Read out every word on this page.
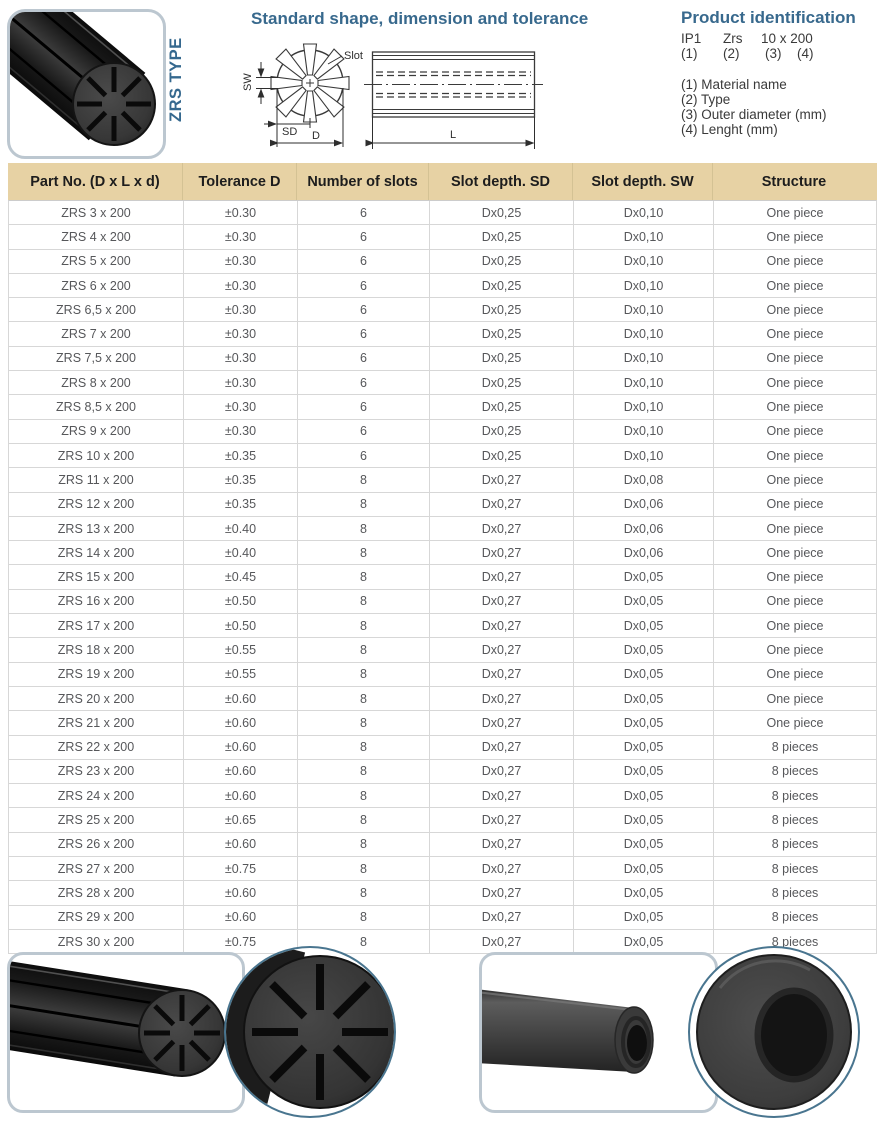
ZRS TYPE
Standard shape, dimension and tolerance
SW
Slot
SD D	L
Product identification
IP1 Zrs 10 x 200
(1) (2) (3) (4)
(1) Material name
(2) Type
(3) Outer diameter (mm)
(4) Lenght (mm)
Part No. (D x L x d)	Tolerance D	Number of slots	Slot depth. SD	Slot depth. SW	Structure
ZRS 3 x 200	±0.30	6	Dx0,25	Dx0,10	One piece
ZRS 4 x 200	±0.30	6	Dx0,25	Dx0,10	One piece
ZRS 5 x 200	±0.30	6	Dx0,25	Dx0,10	One piece
ZRS 6 x 200	±0.30	6	Dx0,25	Dx0,10	One piece
ZRS 6,5 x 200	±0.30	6	Dx0,25	Dx0,10	One piece
ZRS 7 x 200	±0.30	6	Dx0,25	Dx0,10	One piece
ZRS 7,5 x 200	±0.30	6	Dx0,25	Dx0,10	One piece
ZRS 8 x 200	±0.30	6	Dx0,25	Dx0,10	One piece
ZRS 8,5 x 200	±0.30	6	Dx0,25	Dx0,10	One piece
ZRS 9 x 200	±0.30	6	Dx0,25	Dx0,10	One piece
ZRS 10 x 200	±0.35	6	Dx0,25	Dx0,10	One piece
ZRS 11 x 200	±0.35	8	Dx0,27	Dx0,08	One piece
ZRS 12 x 200	±0.35	8	Dx0,27	Dx0,06	One piece
ZRS 13 x 200	±0.40	8	Dx0,27	Dx0,06	One piece
ZRS 14 x 200	±0.40	8	Dx0,27	Dx0,06	One piece
ZRS 15 x 200	±0.45	8	Dx0,27	Dx0,05	One piece
ZRS 16 x 200	±0.50	8	Dx0,27	Dx0,05	One piece
ZRS 17 x 200	±0.50	8	Dx0,27	Dx0,05	One piece
ZRS 18 x 200	±0.55	8	Dx0,27	Dx0,05	One piece
ZRS 19 x 200	±0.55	8	Dx0,27	Dx0,05	One piece
ZRS 20 x 200	±0.60	8	Dx0,27	Dx0,05	One piece
ZRS 21 x 200	±0.60	8	Dx0,27	Dx0,05	One piece
ZRS 22 x 200	±0.60	8	Dx0,27	Dx0,05	8 pieces
ZRS 23 x 200	±0.60	8	Dx0,27	Dx0,05	8 pieces
ZRS 24 x 200	±0.60	8	Dx0,27	Dx0,05	8 pieces
ZRS 25 x 200	±0.65	8	Dx0,27	Dx0,05	8 pieces
ZRS 26 x 200	±0.60	8	Dx0,27	Dx0,05	8 pieces
ZRS 27 x 200	±0.75	8	Dx0,27	Dx0,05	8 pieces
ZRS 28 x 200	±0.60	8	Dx0,27	Dx0,05	8 pieces
ZRS 29 x 200	±0.60	8	Dx0,27	Dx0,05	8 pieces
ZRS 30 x 200	±0.75	8	Dx0,27	Dx0,05	8 pieces
